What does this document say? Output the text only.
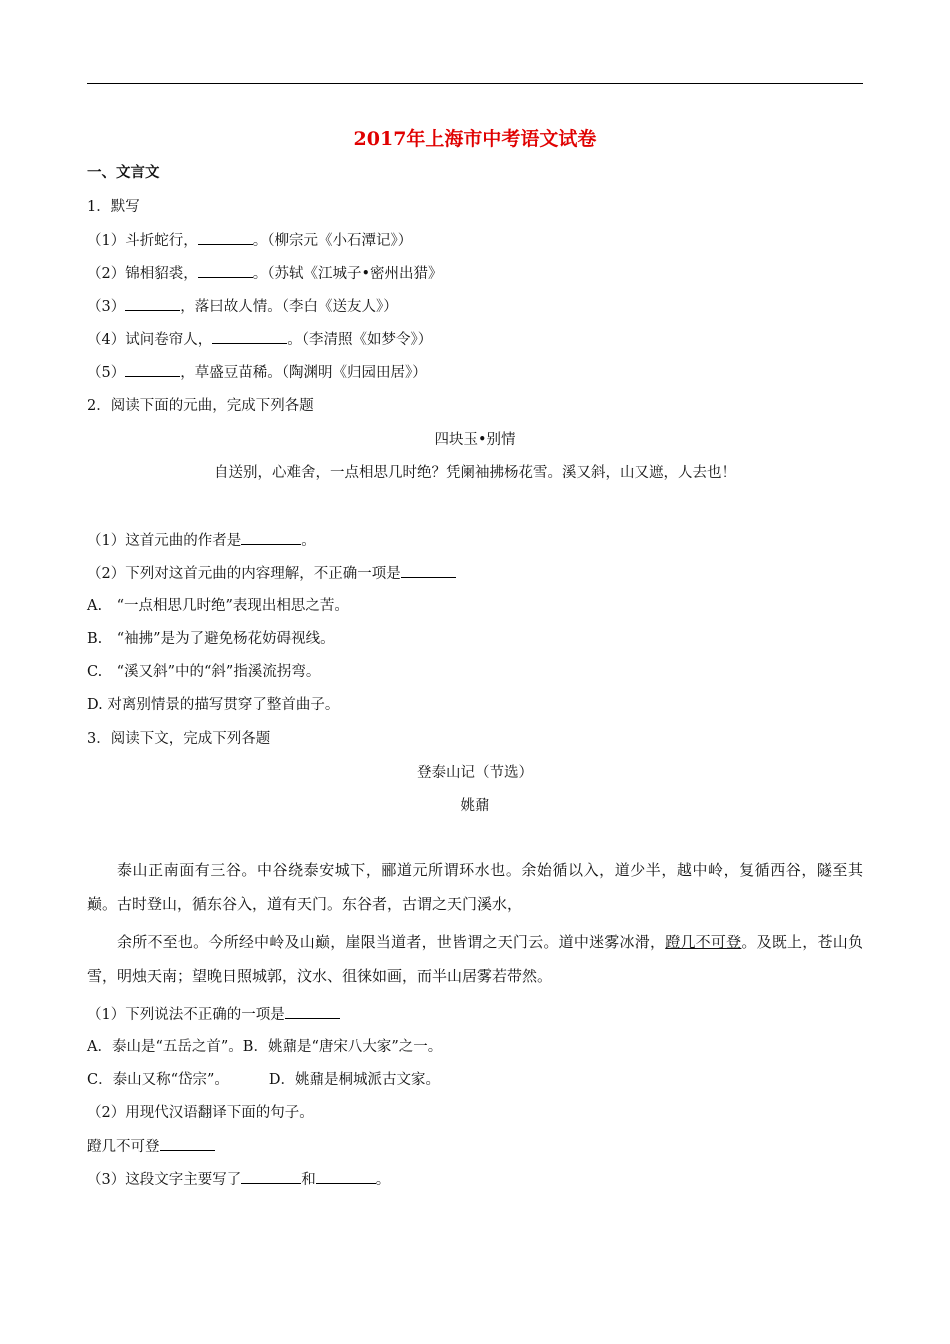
2017年上海市中考语文试卷
一、文言文
1．默写
（1）斗折蛇行，	。（柳宗元《小石潭记》）
（2）锦相貂裘，	。（苏轼《江城子•密州出猎》
（3）	，落曰故人情。（李白《送友人》）
（4）试问卷帘人，	。（李清照《如梦令》）
（5）	，草盛豆苗稀。（陶渊明《归园田居》）
2．阅读下面的元曲，完成下列各题
四块玉•别情
自送别，心难舍，一点相思几时绝？凭阑袖拂杨花雪。溪又斜，山又遮，人去也！
（1）这首元曲的作者是	。
（2）下列对这首元曲的内容理解，不正确一项是
A.　“一点相思几时绝”表现出相思之苦。
B.　“袖拂”是为了避免杨花妨碍视线。
C.　“溪又斜”中的“斜”指溪流拐弯。
D. 对离别情景的描写贯穿了整首曲子。
3．阅读下文，完成下列各题
登泰山记（节选）
姚鼐
泰山正南面有三谷。中谷绕泰安城下，郦道元所谓环水也。余始循以入，道少半，越中岭，复循西谷，隧至其巅。古时登山，循东谷入，道有天门。东谷者，古谓之天门溪水，
余所不至也。今所经中岭及山巅，崖限当道者，世皆谓之天门云。道中迷雾冰滑，蹬几不可登。及既上，苍山负雪，明烛天南；望晚日照城郭，汶水、徂徕如画，而半山居雾若带然。
（1）下列说法不正确的一项是
A．泰山是“五岳之首”。B．姚鼐是“唐宋八大家”之一。
C．泰山又称“岱宗”。	D．姚鼐是桐城派古文家。
（2）用现代汉语翻译下面的句子。
蹬几不可登
（3）这段文字主要写了	和	。
